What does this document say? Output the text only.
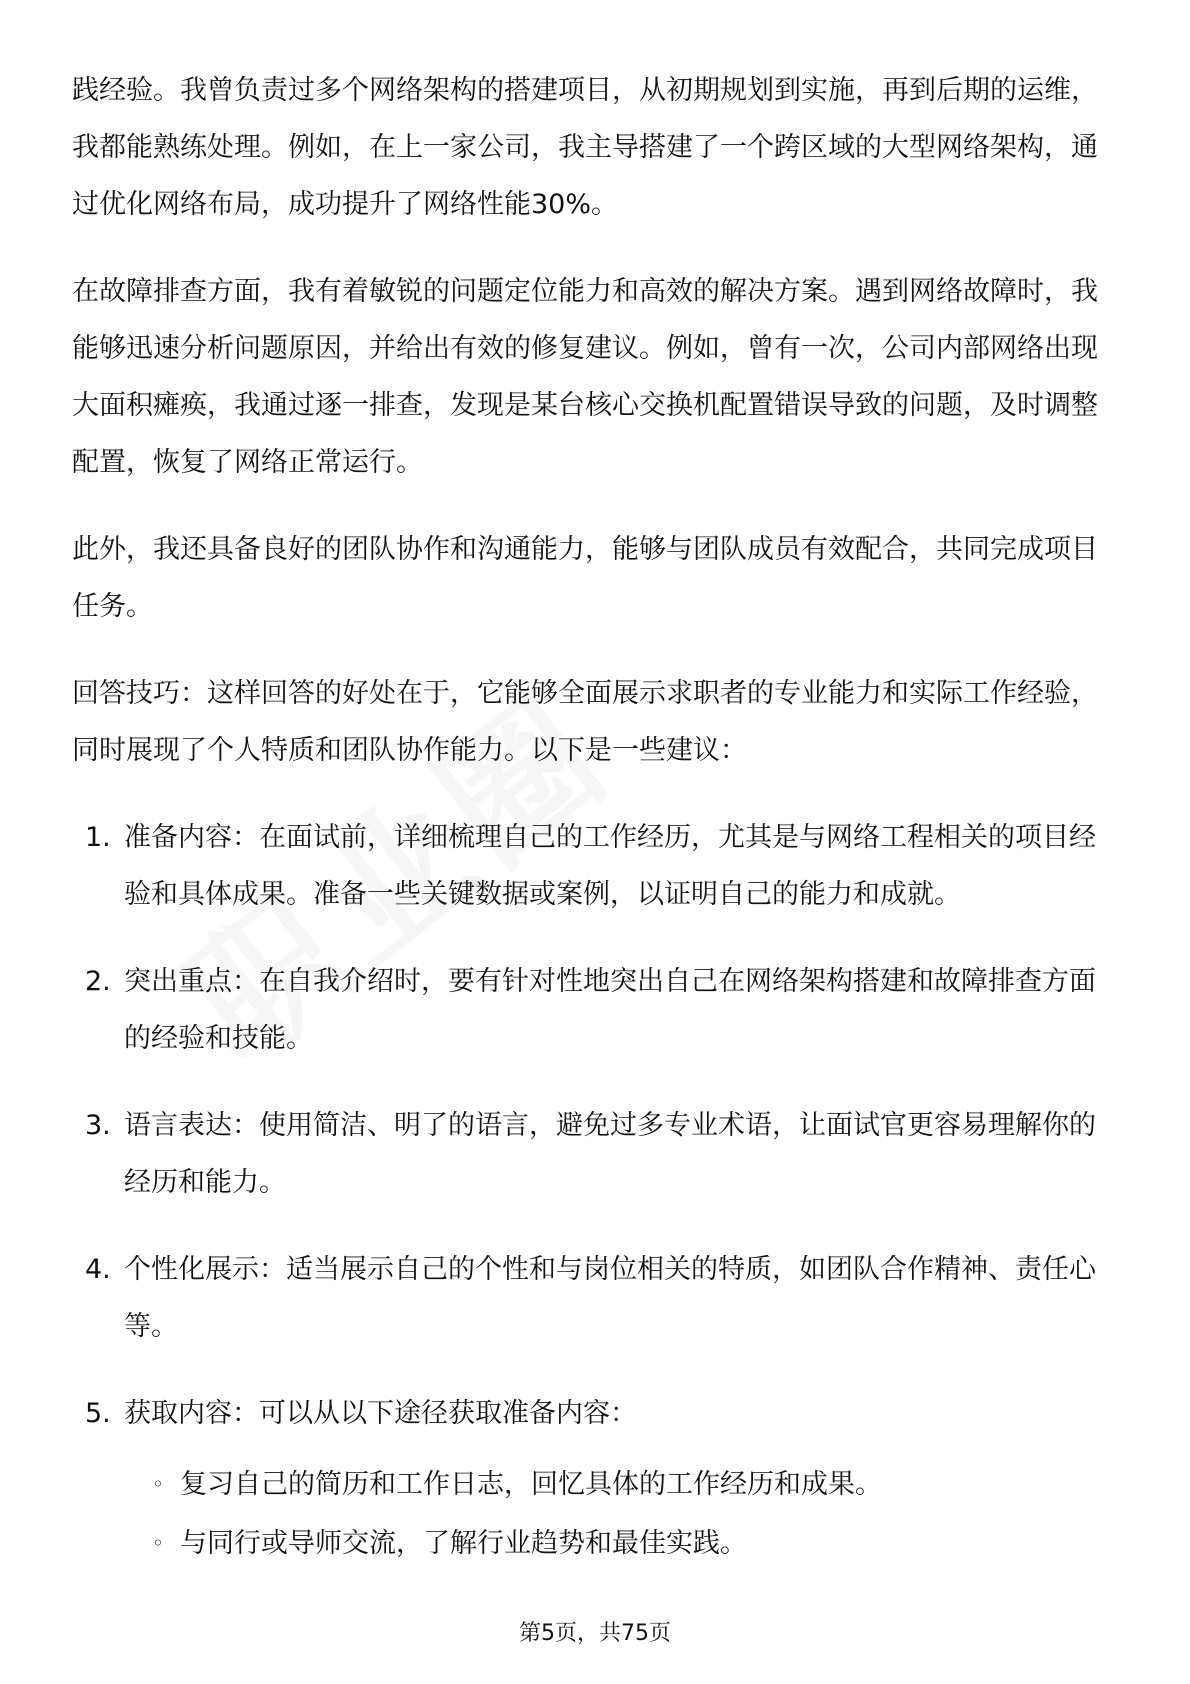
践经验。我曾负责过多个网络架构的搭建项目，从初期规划到实施，再到后期的运维，我都能熟练处理。例如，在上一家公司，我主导搭建了一个跨区域的大型网络架构，通过优化网络布局，成功提升了网络性能30%。

在故障排查方面，我有着敏锐的问题定位能力和高效的解决方案。遇到网络故障时，我能够迅速分析问题原因，并给出有效的修复建议。例如，曾有一次，公司内部网络出现大面积瘫痪，我通过逐一排查，发现是某台核心交换机配置错误导致的问题，及时调整配置，恢复了网络正常运行。

此外，我还具备良好的团队协作和沟通能力，能够与团队成员有效配合，共同完成项目任务。

回答技巧：这样回答的好处在于，它能够全面展示求职者的专业能力和实际工作经验，同时展现了个人特质和团队协作能力。以下是一些建议：

1. 准备内容：在面试前，详细梳理自己的工作经历，尤其是与网络工程相关的项目经验和具体成果。准备一些关键数据或案例，以证明自己的能力和成就。
2. 突出重点：在自我介绍时，要有针对性地突出自己在网络架构搭建和故障排查方面的经验和技能。
3. 语言表达：使用简洁、明了的语言，避免过多专业术语，让面试官更容易理解你的经历和能力。
4. 个性化展示：适当展示自己的个性和与岗位相关的特质，如团队合作精神、责任心等。
5. 获取内容：可以从以下途径获取准备内容：
◦ 复习自己的简历和工作日志，回忆具体的工作经历和成果。
◦ 与同行或导师交流，了解行业趋势和最佳实践。
第5页，共75页
